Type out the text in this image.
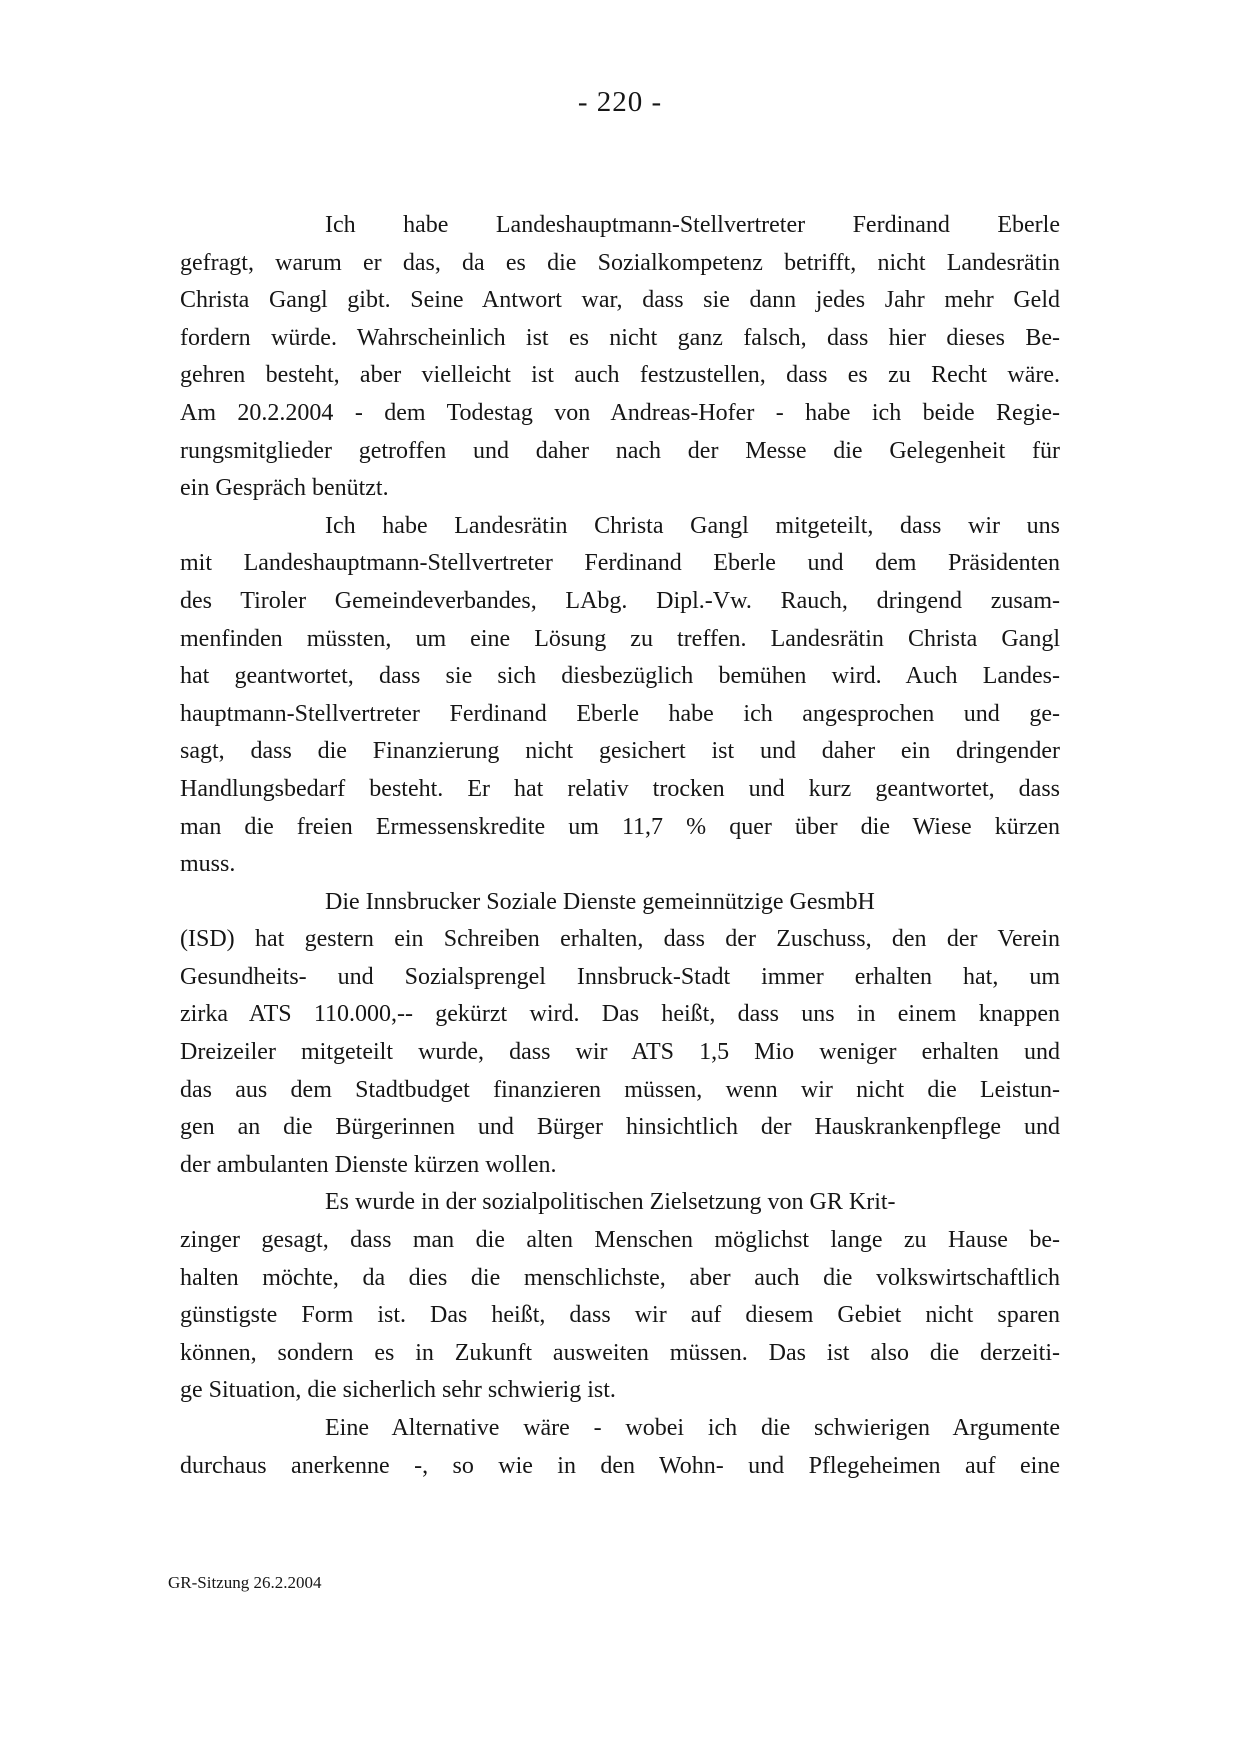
- 220 -
Ich habe Landeshauptmann-Stellvertreter Ferdinand Eberle
gefragt, warum er das, da es die Sozialkompetenz betrifft, nicht Landesrätin
Christa Gangl gibt. Seine Antwort war, dass sie dann jedes Jahr mehr Geld
fordern würde. Wahrscheinlich ist es nicht ganz falsch, dass hier dieses Be-
gehren besteht, aber vielleicht ist auch festzustellen, dass es zu Recht wäre.
Am 20.2.2004 - dem Todestag von Andreas-Hofer - habe ich beide Regie-
rungsmitglieder getroffen und daher nach der Messe die Gelegenheit für
ein Gespräch benützt.
Ich habe Landesrätin Christa Gangl mitgeteilt, dass wir uns
mit Landeshauptmann-Stellvertreter Ferdinand Eberle und dem Präsidenten
des Tiroler Gemeindeverbandes, LAbg. Dipl.-Vw. Rauch, dringend zusam-
menfinden müssten, um eine Lösung zu treffen. Landesrätin Christa Gangl
hat geantwortet, dass sie sich diesbezüglich bemühen wird. Auch Landes-
hauptmann-Stellvertreter Ferdinand Eberle habe ich angesprochen und ge-
sagt, dass die Finanzierung nicht gesichert ist und daher ein dringender
Handlungsbedarf besteht. Er hat relativ trocken und kurz geantwortet, dass
man die freien Ermessenskredite um 11,7 % quer über die Wiese kürzen
muss.
Die Innsbrucker Soziale Dienste gemeinnützige GesmbH
(ISD) hat gestern ein Schreiben erhalten, dass der Zuschuss, den der Verein
Gesundheits- und Sozialsprengel Innsbruck-Stadt immer erhalten hat, um
zirka ATS 110.000,-- gekürzt wird. Das heißt, dass uns in einem knappen
Dreizeiler mitgeteilt wurde, dass wir ATS 1,5 Mio weniger erhalten und
das aus dem Stadtbudget finanzieren müssen, wenn wir nicht die Leistun-
gen an die Bürgerinnen und Bürger hinsichtlich der Hauskrankenpflege und
der ambulanten Dienste kürzen wollen.
Es wurde in der sozialpolitischen Zielsetzung von GR Krit-
zinger gesagt, dass man die alten Menschen möglichst lange zu Hause be-
halten möchte, da dies die menschlichste, aber auch die volkswirtschaftlich
günstigste Form ist. Das heißt, dass wir auf diesem Gebiet nicht sparen
können, sondern es in Zukunft ausweiten müssen. Das ist also die derzeiti-
ge Situation, die sicherlich sehr schwierig ist.
Eine Alternative wäre - wobei ich die schwierigen Argumente
durchaus anerkenne -, so wie in den Wohn- und Pflegeheimen auf eine
GR-Sitzung 26.2.2004
